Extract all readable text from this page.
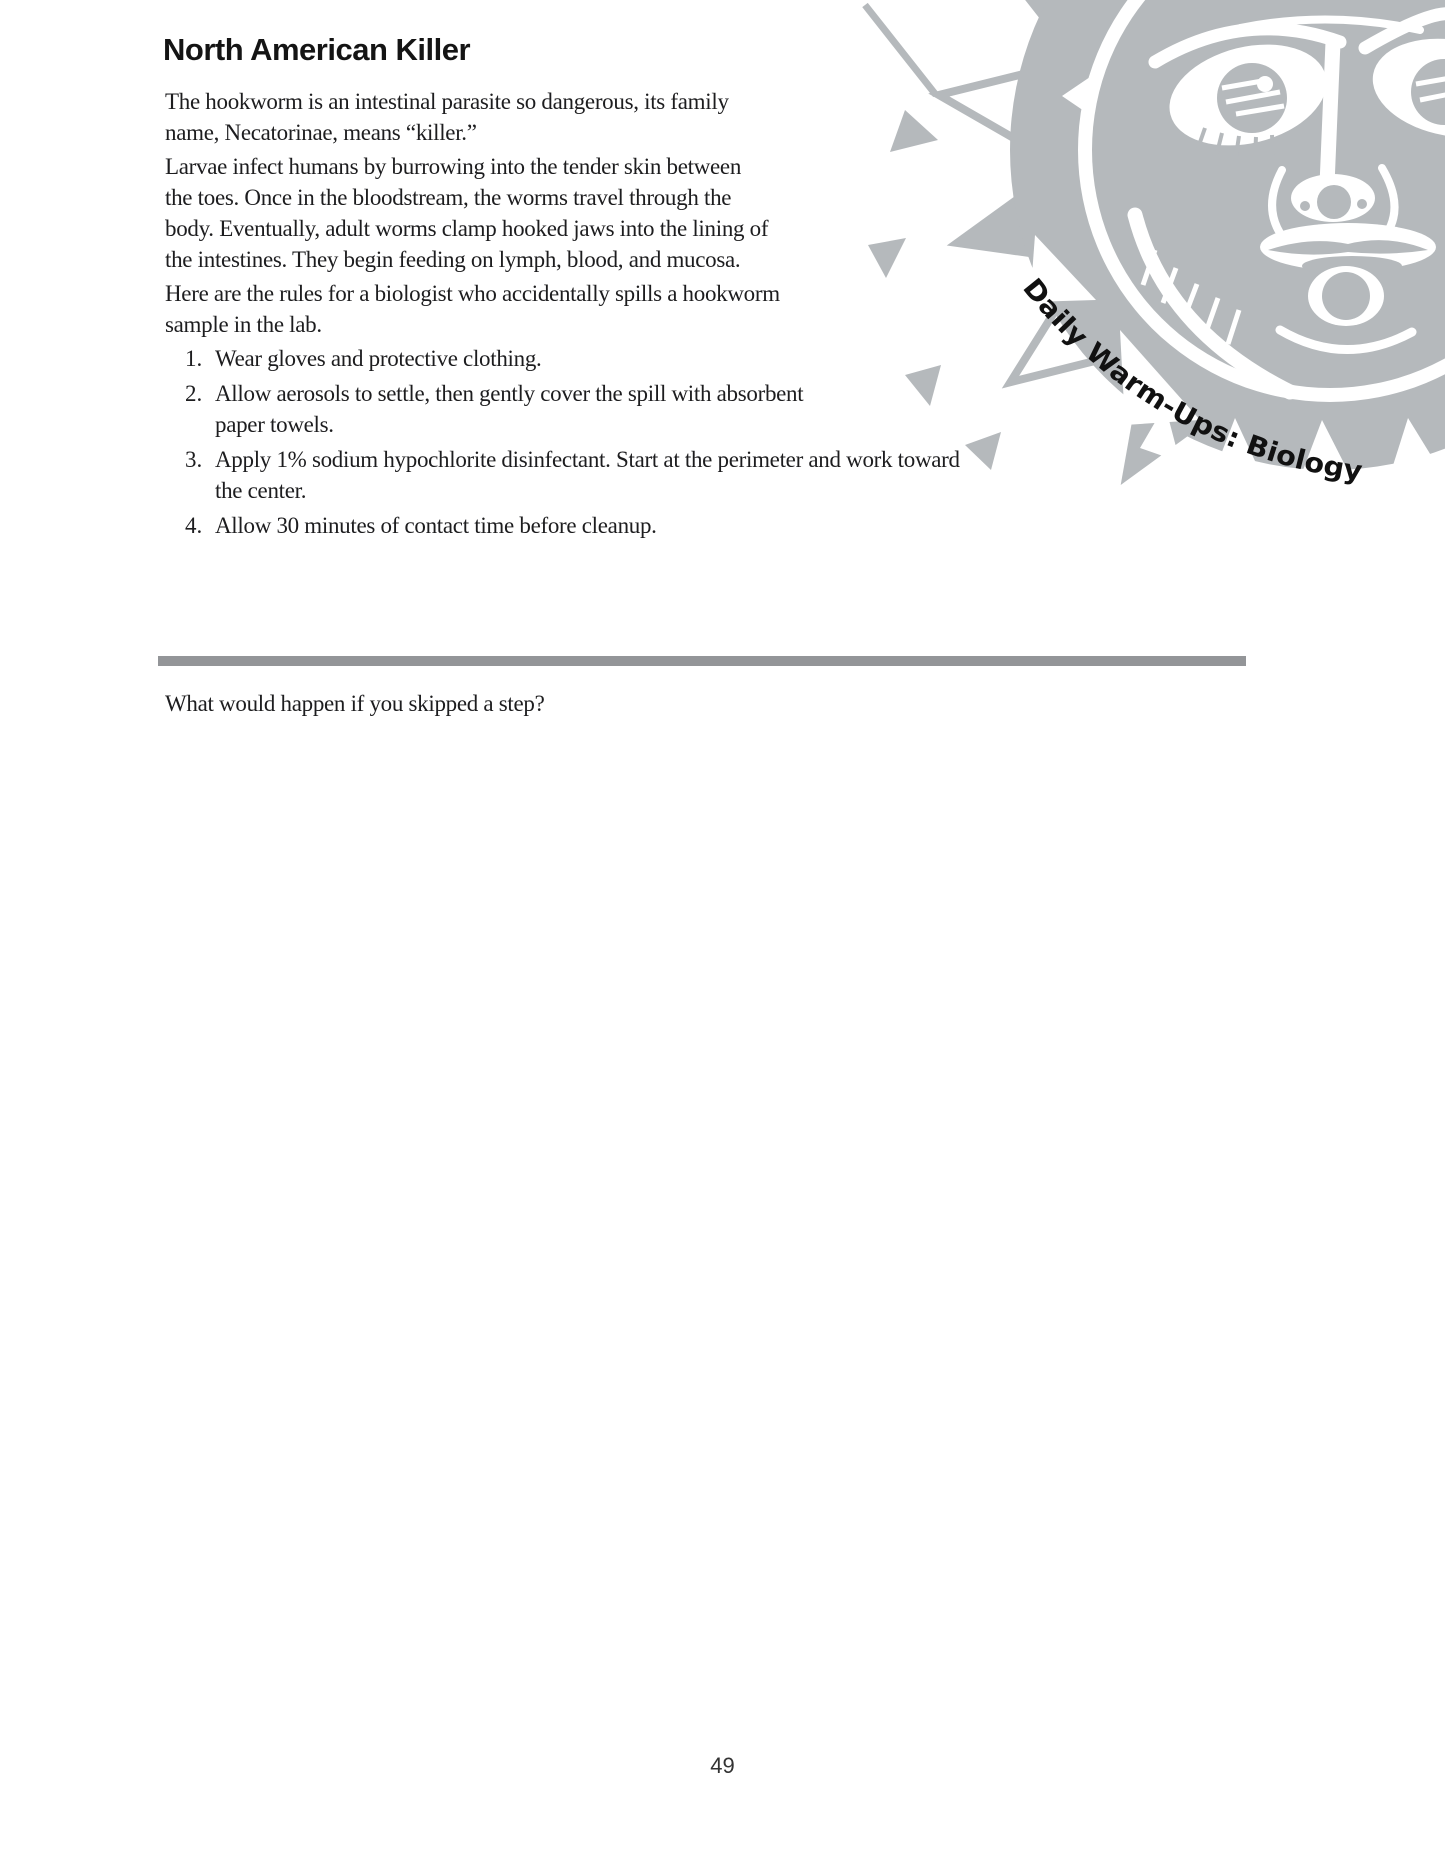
Daily Warm-Ups: Biology
North American Killer
The hookworm is an intestinal parasite so dangerous, its family
name, Necatorinae, means “killer.”
Larvae infect humans by burrowing into the tender skin between
the toes. Once in the bloodstream, the worms travel through the
body. Eventually, adult worms clamp hooked jaws into the lining of
the intestines. They begin feeding on lymph, blood, and mucosa.
Here are the rules for a biologist who accidentally spills a hookworm
sample in the lab.
1. Wear gloves and protective clothing.
2. Allow aerosols to settle, then gently cover the spill with absorbent
paper towels.
3. Apply 1% sodium hypochlorite disinfectant. Start at the perimeter and work toward
the center.
4. Allow 30 minutes of contact time before cleanup.
What would happen if you skipped a step?
49
